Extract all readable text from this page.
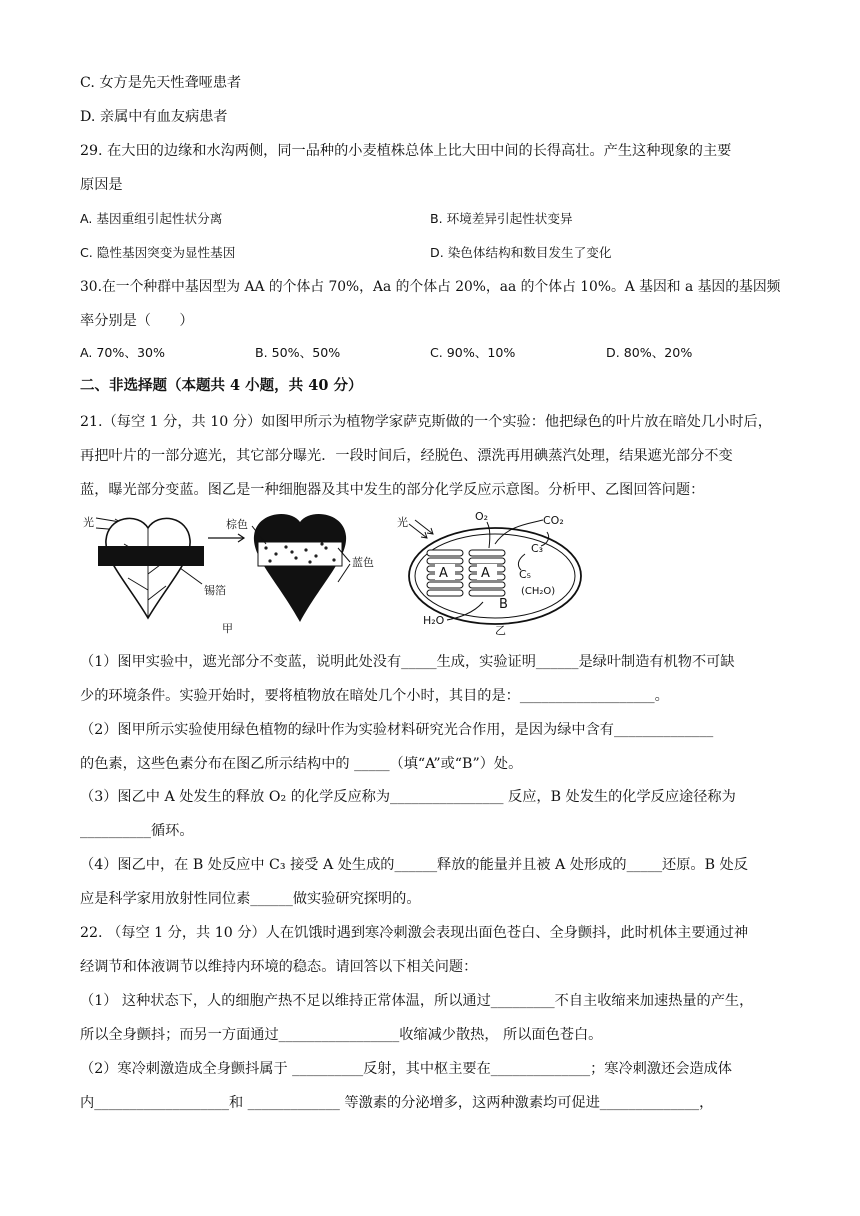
C. 女方是先天性聋哑患者
D. 亲属中有血友病患者
29. 在大田的边缘和水沟两侧，同一品种的小麦植株总体上比大田中间的长得高壮。产生这种现象的主要
原因是
A. 基因重组引起性状分离	B. 环境差异引起性状变异
C. 隐性基因突变为显性基因	D. 染色体结构和数目发生了变化
30.在一个种群中基因型为 AA 的个体占 70%，Aa 的个体占 20%，aa 的个体占 10%。A 基因和 a 基因的基因频
率分别是（　　）
A. 70%、30%	B. 50%、50%	C. 90%、10%	D. 80%、20%
二、非选择题（本题共 4 小题，共 40 分）
21.（每空 1 分，共 10 分）如图甲所示为植物学家萨克斯做的一个实验：他把绿色的叶片放在暗处几小时后，
再把叶片的一部分遮光，其它部分曝光．一段时间后，经脱色、漂洗再用碘蒸汽处理，结果遮光部分不变
蓝，曝光部分变蓝。图乙是一种细胞器及其中发生的部分化学反应示意图。分析甲、乙图回答问题：
光
锡箔
棕色
蓝色
甲
光
A	A
O₂	CO₂
C₃
C₅
(CH₂O)
B
H₂O
乙
（1）图甲实验中，遮光部分不变蓝，说明此处没有_____生成，实验证明______是绿叶制造有机物不可缺
少的环境条件。实验开始时，要将植物放在暗处几个小时，其目的是：___________________。
（2）图甲所示实验使用绿色植物的绿叶作为实验材料研究光合作用，是因为绿中含有______________
的色素，这些色素分布在图乙所示结构中的 _____（填“A”或“B”）处。
（3）图乙中 A 处发生的释放 O₂ 的化学反应称为________________ 反应，B 处发生的化学反应途径称为
__________循环。
（4）图乙中，在 B 处反应中 C₃ 接受 A 处生成的______释放的能量并且被 A 处形成的_____还原。B 处反
应是科学家用放射性同位素______做实验研究探明的。
22. （每空 1 分，共 10 分）人在饥饿时遇到寒冷刺激会表现出面色苍白、全身颤抖，此时机体主要通过神
经调节和体液调节以维持内环境的稳态。请回答以下相关问题：
（1） 这种状态下，人的细胞产热不足以维持正常体温，所以通过_________不自主收缩来加速热量的产生，
所以全身颤抖；而另一方面通过_________________收缩减少散热， 所以面色苍白。
（2）寒冷刺激造成全身颤抖属于 __________反射，其中枢主要在______________；寒冷刺激还会造成体
内___________________和 _____________ 等激素的分泌增多，这两种激素均可促进______________，
